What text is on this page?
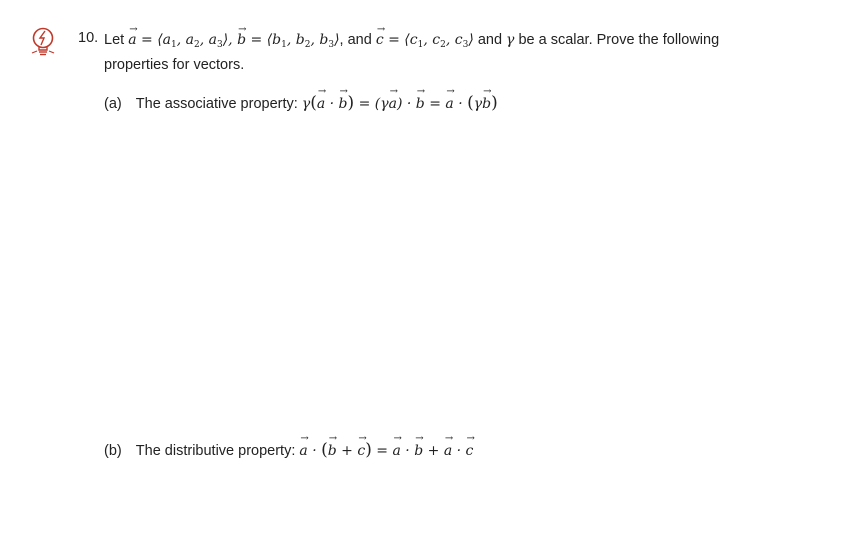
10. Let → $a = ⟨a_1$, $a_2$, $a_3⟩$, → $b = ⟨b_1$, $b_2$, $b_3⟩$, and → $c = ⟨c_1$, $c_2$, $c_3⟩$ and γ be a scalar. Prove the following
properties for vectors.
(a) The associative property: γ(→ a · → b) = (γ→ a) · → b = → a · (γ→ b)
(b) The distributive property: → a · (→ b + → c) = → a · → b + → a · → c
